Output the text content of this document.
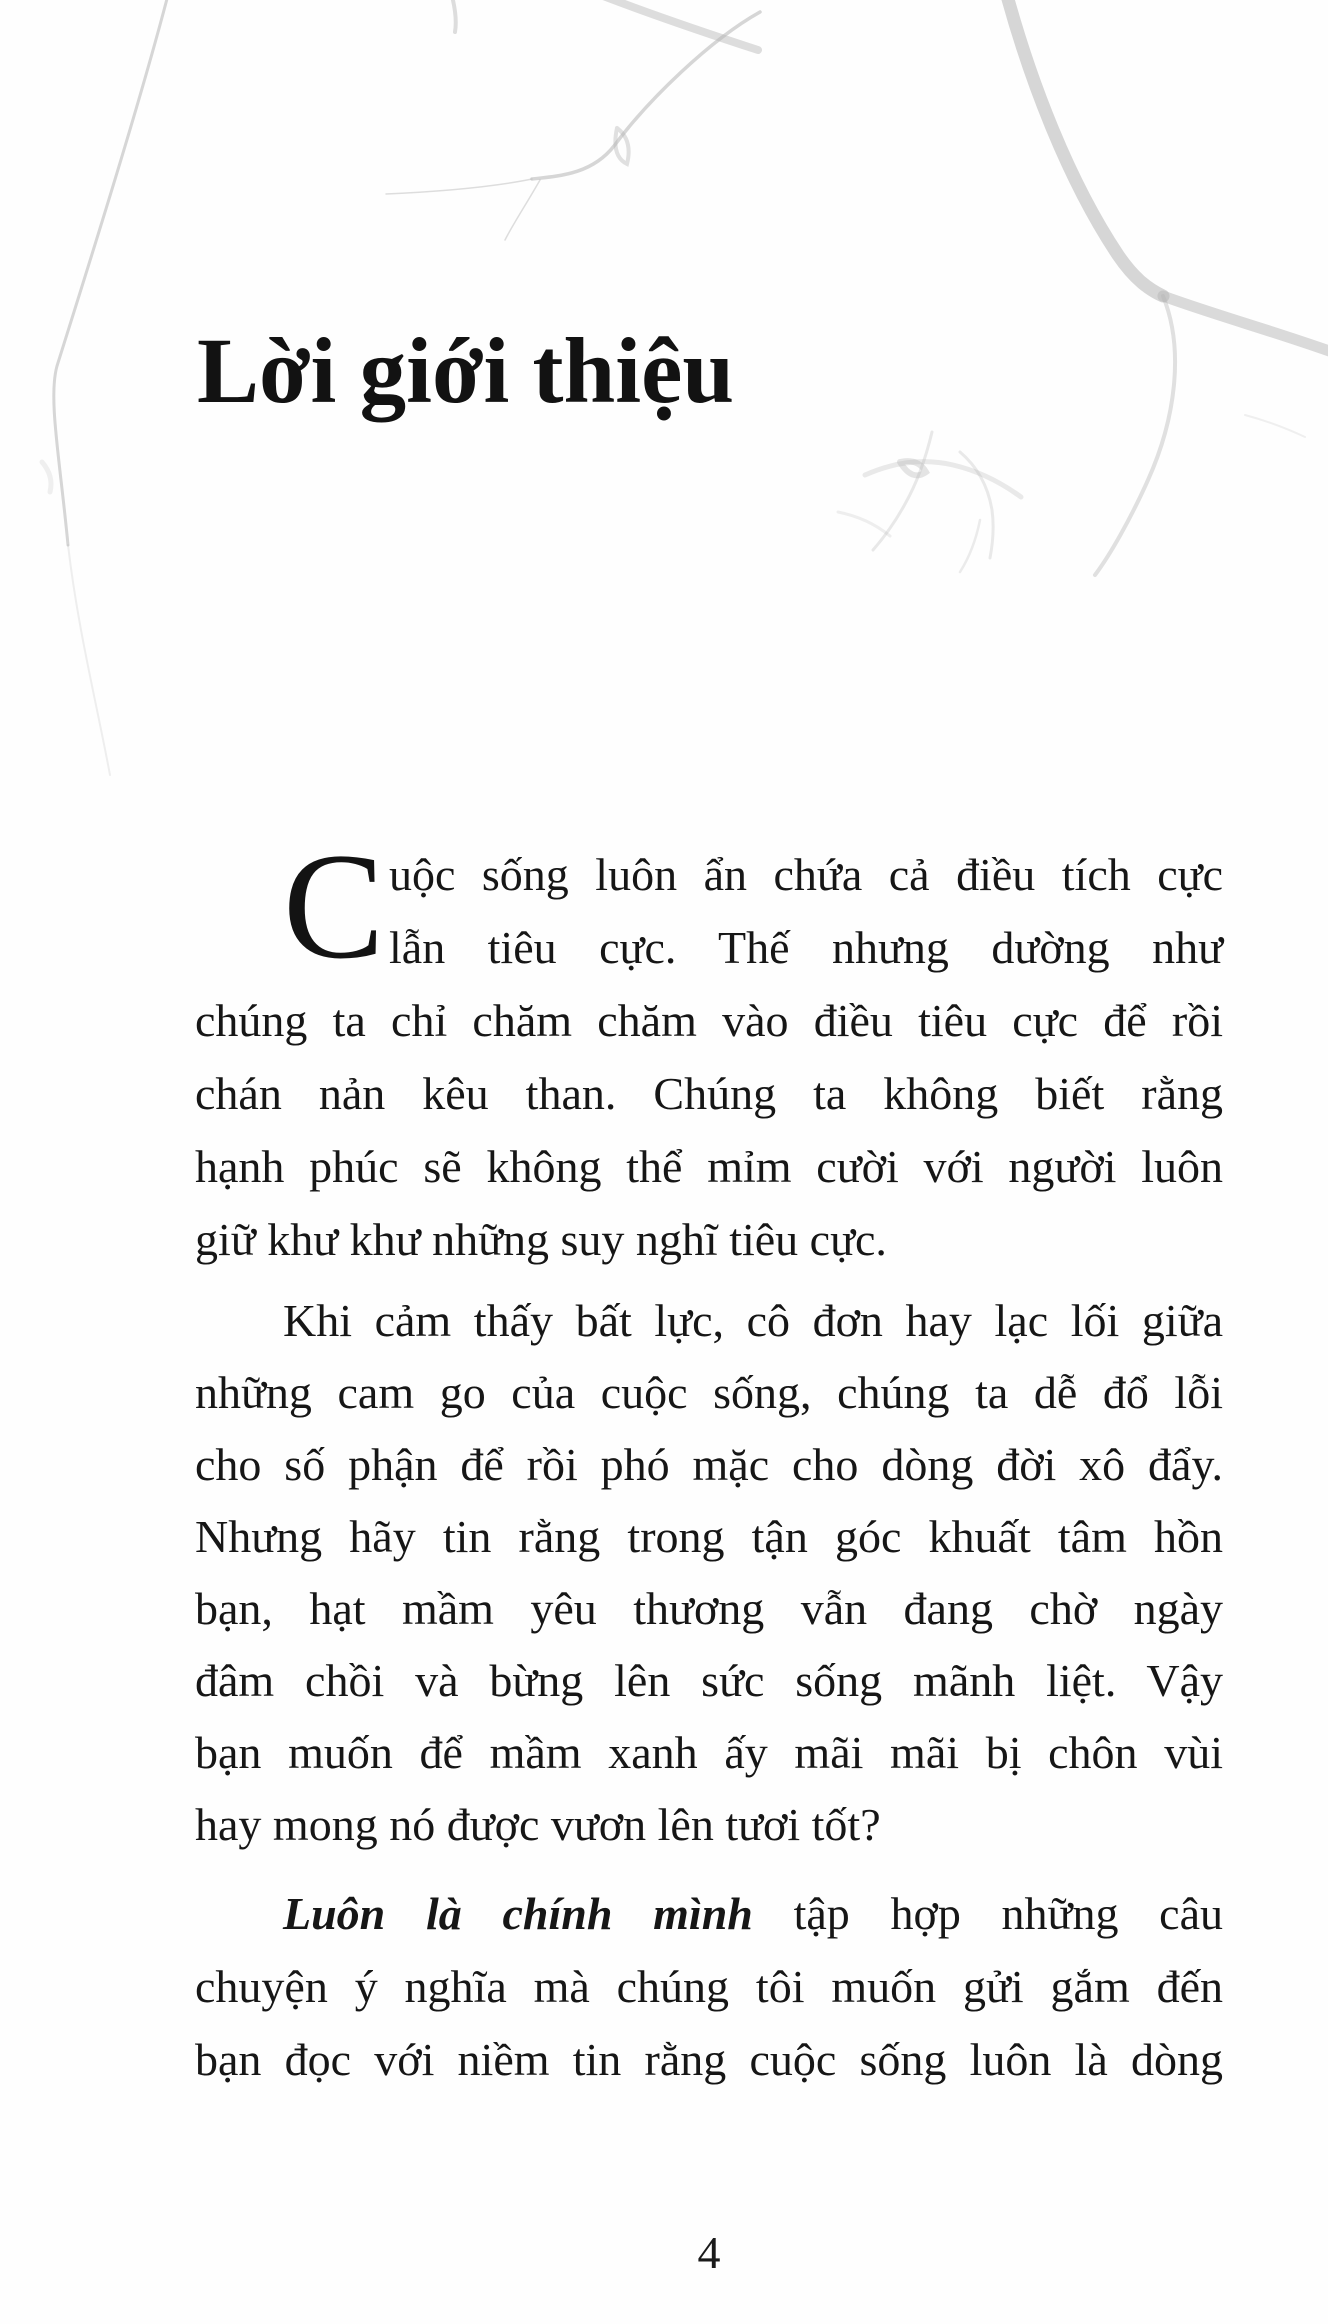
Lời giới thiệu
C uộc sống luôn ẩn chứa cả điều tích cực
lẫn tiêu cực. Thế nhưng dường như
chúng ta chỉ chăm chăm vào điều tiêu cực để rồi
chán nản kêu than. Chúng ta không biết rằng
hạnh phúc sẽ không thể mỉm cười với người luôn
giữ khư khư những suy nghĩ tiêu cực.
Khi cảm thấy bất lực, cô đơn hay lạc lối giữa
những cam go của cuộc sống, chúng ta dễ đổ lỗi
cho số phận để rồi phó mặc cho dòng đời xô đẩy.
Nhưng hãy tin rằng trong tận góc khuất tâm hồn
bạn, hạt mầm yêu thương vẫn đang chờ ngày
đâm chồi và bừng lên sức sống mãnh liệt. Vậy
bạn muốn để mầm xanh ấy mãi mãi bị chôn vùi
hay mong nó được vươn lên tươi tốt?
Luôn là chính mình tập hợp những câu
chuyện ý nghĩa mà chúng tôi muốn gửi gắm đến
bạn đọc với niềm tin rằng cuộc sống luôn là dòng
4
